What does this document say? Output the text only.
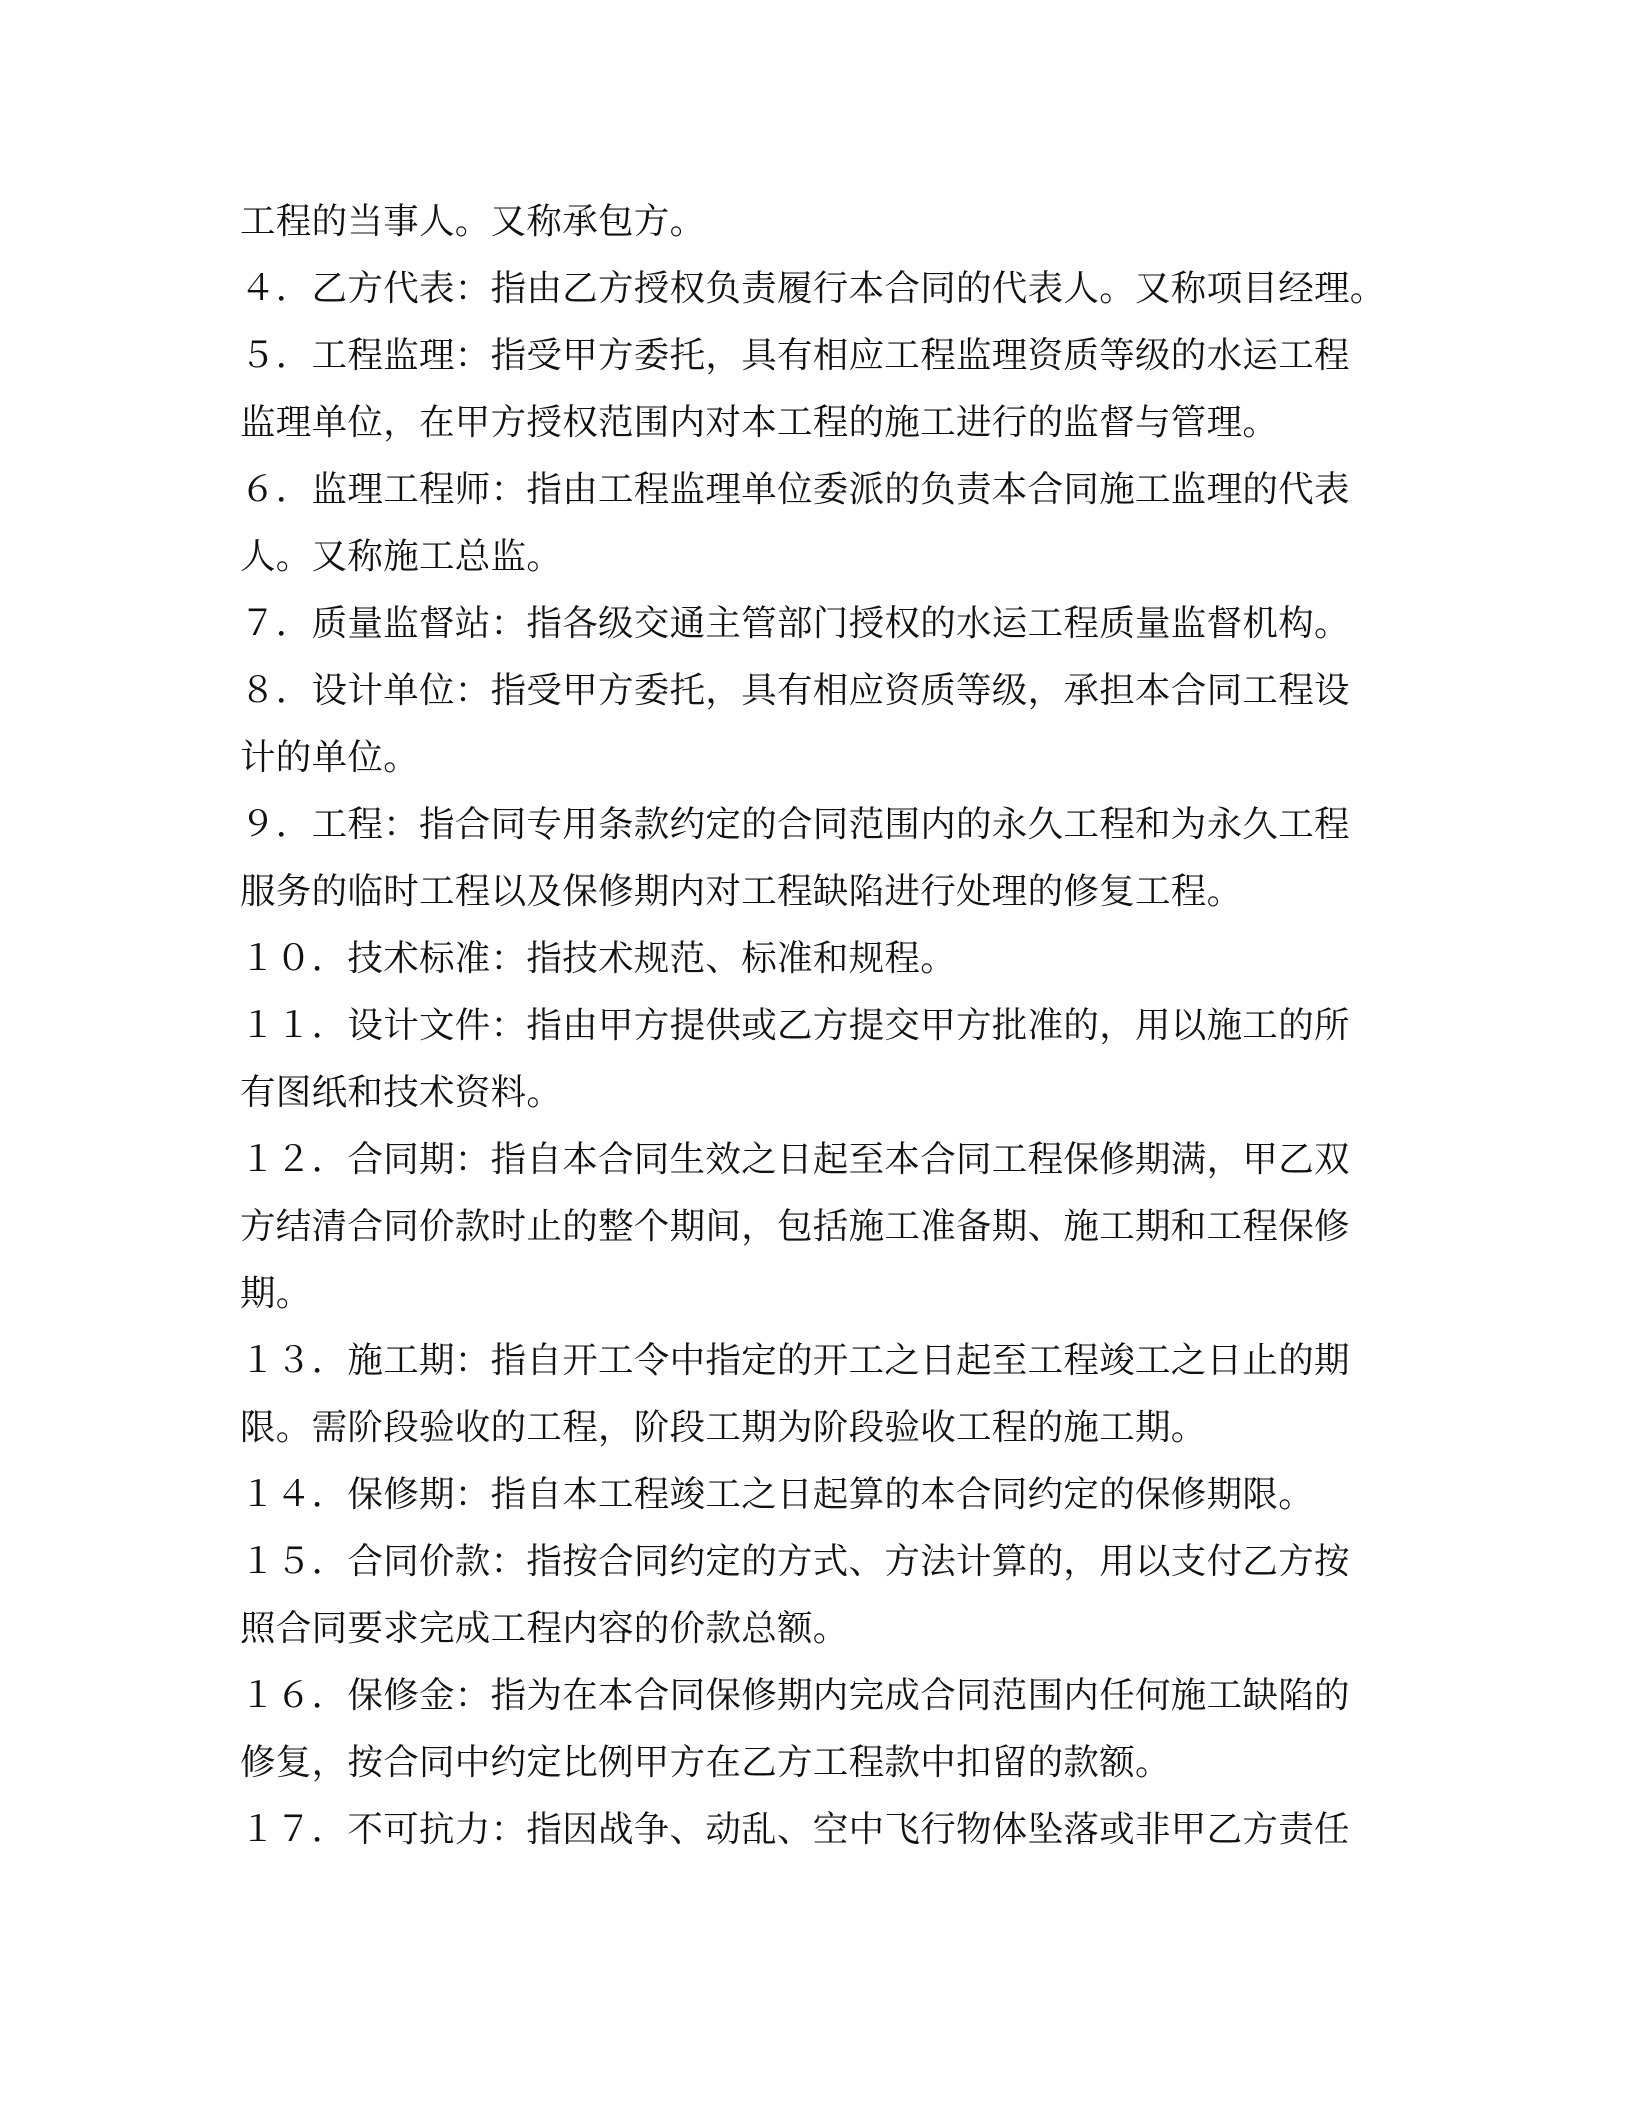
工程的当事人。又称承包方。
４．乙方代表：指由乙方授权负责履行本合同的代表人。又称项目经理。
５．工程监理：指受甲方委托，具有相应工程监理资质等级的水运工程
监理单位，在甲方授权范围内对本工程的施工进行的监督与管理。
６．监理工程师：指由工程监理单位委派的负责本合同施工监理的代表
人。又称施工总监。
７．质量监督站：指各级交通主管部门授权的水运工程质量监督机构。
８．设计单位：指受甲方委托，具有相应资质等级，承担本合同工程设
计的单位。
９．工程：指合同专用条款约定的合同范围内的永久工程和为永久工程
服务的临时工程以及保修期内对工程缺陷进行处理的修复工程。
１０．技术标准：指技术规范、标准和规程。
１１．设计文件：指由甲方提供或乙方提交甲方批准的，用以施工的所
有图纸和技术资料。
１２．合同期：指自本合同生效之日起至本合同工程保修期满，甲乙双
方结清合同价款时止的整个期间，包括施工准备期、施工期和工程保修
期。
１３．施工期：指自开工令中指定的开工之日起至工程竣工之日止的期
限。需阶段验收的工程，阶段工期为阶段验收工程的施工期。
１４．保修期：指自本工程竣工之日起算的本合同约定的保修期限。
１５．合同价款：指按合同约定的方式、方法计算的，用以支付乙方按
照合同要求完成工程内容的价款总额。
１６．保修金：指为在本合同保修期内完成合同范围内任何施工缺陷的
修复，按合同中约定比例甲方在乙方工程款中扣留的款额。
１７．不可抗力：指因战争、动乱、空中飞行物体坠落或非甲乙方责任
